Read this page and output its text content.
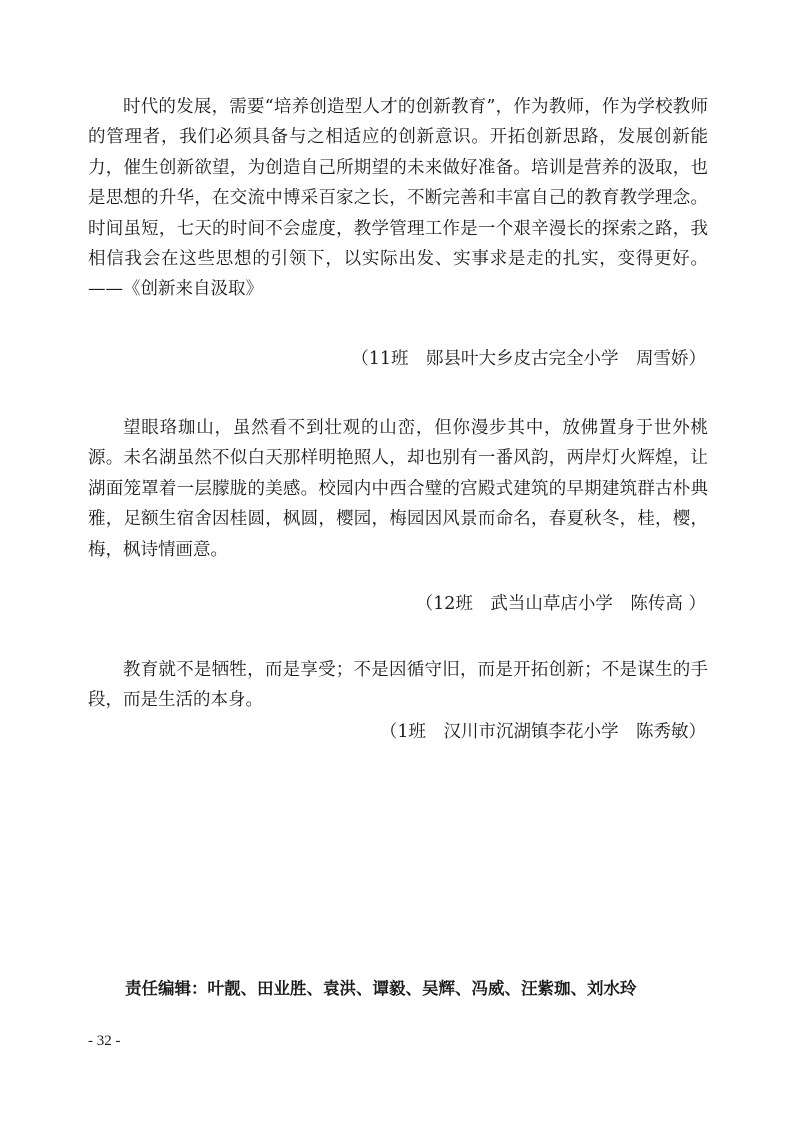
时代的发展，需要“培养创造型人才的创新教育”，作为教师，作为学校教师的管理者，我们必须具备与之相适应的创新意识。开拓创新思路，发展创新能力，催生创新欲望，为创造自己所期望的未来做好准备。培训是营养的汲取，也是思想的升华，在交流中博采百家之长，不断完善和丰富自己的教育教学理念。时间虽短，七天的时间不会虚度，教学管理工作是一个艰辛漫长的探索之路，我相信我会在这些思想的引领下，以实际出发、实事求是走的扎实，变得更好。——《创新来自汲取》

（11班　郧县叶大乡皮古完全小学　周雪娇）

望眼珞珈山，虽然看不到壮观的山峦，但你漫步其中，放佛置身于世外桃源。未名湖虽然不似白天那样明艳照人，却也别有一番风韵，两岸灯火辉煌，让湖面笼罩着一层朦胧的美感。校园内中西合璧的宫殿式建筑的早期建筑群古朴典雅，足额生宿舍因桂圆，枫圆，樱园，梅园因风景而命名，春夏秋冬，桂，樱，梅，枫诗情画意。

（12班　武当山草店小学　陈传高 ）

教育就不是牺牲，而是享受；不是因循守旧，而是开拓创新；不是谋生的手段，而是生活的本身。

（1班　汉川市沉湖镇李花小学　陈秀敏）

责任编辑：叶靓、田业胜、袁洪、谭毅、吴辉、冯威、汪紫珈、刘水玲

- 32 -
